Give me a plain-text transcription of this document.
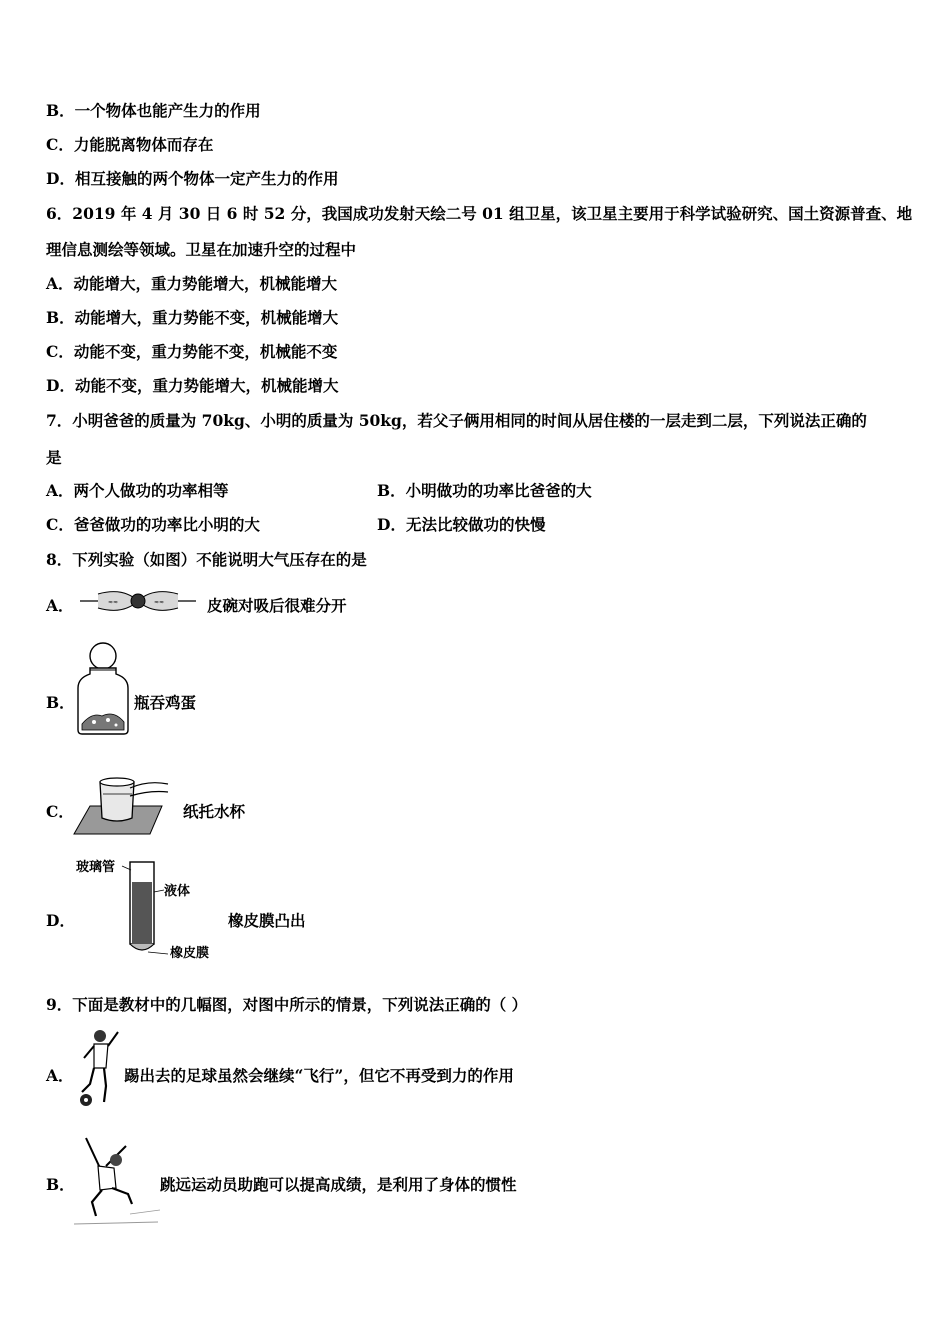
B．一个物体也能产生力的作用
C．力能脱离物体而存在
D．相互接触的两个物体一定产生力的作用
6．2019 年 4 月 30 日 6 时 52 分，我国成功发射天绘二号 01 组卫星，该卫星主要用于科学试验研究、国土资源普查、地
理信息测绘等领域。卫星在加速升空的过程中
A．动能增大，重力势能增大，机械能增大
B．动能增大，重力势能不变，机械能增大
C．动能不变，重力势能不变，机械能不变
D．动能不变，重力势能增大，机械能增大
7．小明爸爸的质量为 70kg、小明的质量为 50kg，若父子俩用相同的时间从居住楼的一层走到二层，下列说法正确的
是
A．两个人做功的功率相等	B．小明做功的功率比爸爸的大
C．爸爸做功的功率比小明的大	D．无法比较做功的快慢
8．下列实验（如图）不能说明大气压存在的是
A．	≈≈	≈≈	皮碗对吸后很难分开
B．	瓶吞鸡蛋
C．	纸托水杯
D．
玻璃管
液体
橡皮膜
橡皮膜凸出
9．下面是教材中的几幅图，对图中所示的情景，下列说法正确的（ ）
A．	踢出去的足球虽然会继续“飞行”，但它不再受到力的作用
B．	跳远运动员助跑可以提高成绩，是利用了身体的惯性
